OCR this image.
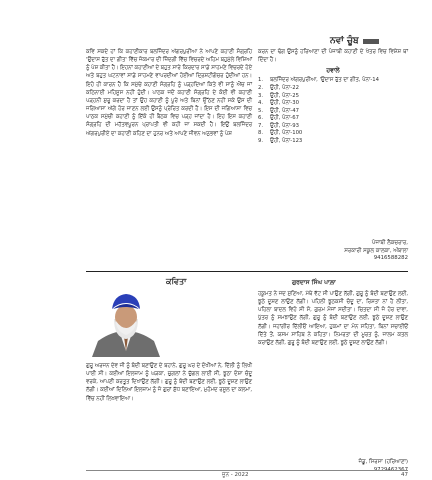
ਨਵਾਂ ਚੂੰਬ

ਕਵਿ ਸਕਦੇ ਹਾਂ ਕਿ ਕਹਾਣੀਕਾਰ ਬਲਜਿੰਦਰ ਅੱਗਰਪੁਰੀਆ ਨੇ ਆਪਣੇ ਕਹਾਣੀ ਸੰਗ੍ਰਹਿ 'ਉਦਾਸ ਰੁੱਤ ਦਾ ਗੀਤ' ਵਿੱਚ ਜੋਕਮਾਰ ਦੀ ਜ਼ਿੰਦਗੀ ਵਿੱਚ ਵਿਚਰਦੇ ਅਹਿਮ ਬਹੁਮੁੱਲੇ ਵਿਸ਼ਿਆਂ ਨੂੰ ਪੇਸ਼ ਕੀਤਾ ਹੈ। ਇਹਨਾਂ ਕਹਾਣੀਆਂ ਦੇ ਬਹੁਤ ਸਾਰੇ ਕਿਰਦਾਰ ਸਾਡੇ ਸਾਹਮਣੇ ਵਿਚਰਦੇ ਹੋਏ ਅਤੇ ਬਹੁਤ ਘਟਨਾਵਾਂ ਸਾਡੇ ਸਾਹਮਣੇ ਵਾਪਰਦੀਆਂ ਹੋਈਆਂ ਦ੍ਰਿਸ਼ਟੀਗੋਚਰ ਹੁੰਦੀਆਂ ਹਨ। ਇਹੋ ਹੀ ਕਾਰਨ ਹੈ ਕਿ ਸਮੁੱਚੇ ਕਹਾਣੀ ਸੰਗ੍ਰਹਿ ਨੂੰ ਪੜ੍ਹਦਿਆਂ ਕਿਤੇ ਵੀ ਸਾਨੂੰ ਐਂਚ ਜਾਂ ਕਠਿਨਾਈ ਮਹਿਸੂਸ ਨਹੀਂ ਹੁੰਦੀ। ਪਾਠਕ ਜਦੋਂ ਕਹਾਣੀ ਸੰਗ੍ਰਹਿ ਦੇ ਕੋਈ ਵੀ ਕਹਾਣੀ ਪੜ੍ਹਨੀ ਸ਼ੁਰੂ ਕਰਦਾ ਹੈ ਤਾਂ ਉਹ ਕਹਾਣੀ ਨੂੰ ਪੂਰੇ ਅਤੇ ਬਿਨਾਂ ਉੱਠਣ ਨਹੀਂ ਸਕੇ ਉਸ ਦੀ ਜਗਿਆਸਾ ਅੱਗੇ ਹੋਰ ਜਾਣਨ ਲਈ ਉਸਨੂੰ ਪ੍ਰੇਰਿਤ ਕਰਦੀ ਹੈ। ਇਸ ਦੀ ਜਗਿਆਸਾ ਵਿਚ ਪਾਠਕ ਸਮੁੱਚੀ ਕਹਾਣੀ ਨੂੰ ਇੱਕੋ ਹੀ ਬੈਠਕ ਵਿਚ ਪੜ੍ਹ ਜਾਂਦਾ ਹੈ। ਇਹ ਇਸ ਕਹਾਣੀ ਸੰਗ੍ਰਹਿ ਦੀ ਮਹੱਤਵਪੂਰਨ ਪ੍ਰਾਪਤੀ ਵੀ ਕਹੀ ਜਾ ਸਕਦੀ ਹੈ। ਇਉਂ ਬਲਜਿੰਦਰ ਅੱਗਰਪੁਰੀਏ ਦਾ ਕਹਾਣੀ ਕਹਿਣ ਦਾ ਹੁਨਰ ਅਤੇ ਆਪਣੇ ਜੀਵਨ ਅਨੁਭਵਾਂ ਨੂੰ ਪੇਸ਼

ਕਰਨ ਦਾ ਢੰਗ ਉਸਨੂੰ ਹਰਿਆਣਾ ਦੀ ਪੰਜਾਬੀ ਕਹਾਣੀ ਦੇ ਖੇਤਰ ਵਿਚ ਵਿਸ਼ੇਸ਼ ਥਾਂ ਦਿੰਦਾ ਹੈ।

ਹਵਾਲੇ
1.	ਬਲਜਿੰਦਰ ਅੱਗਰਪੁਰੀਆ, 'ਉਦਾਸ ਰੁੱਤ ਦਾ ਗੀਤ, ਪੰਨਾ-14
2.	ਉਹੀ, ਪੰਨਾ-22
3.	ਉਹੀ, ਪੰਨਾ-25
4.	ਉਹੀ, ਪੰਨਾ-30
5.	ਉਹੀ, ਪੰਨਾ-47
6.	ਉਹੀ, ਪੰਨਾ-67
7.	ਉਹੀ, ਪੰਨਾ-93
8.	ਉਹੀ, ਪੰਨਾ-100
9.	ਉਹੀ, ਪੰਨਾ-123
ਪੰਜਾਬੀ ਲੈਕਚਰਾਰ,
ਸਰਕਾਰੀ ਸਕੂਲ ਕਾਲਕਾ, ਅੰਬਾਲਾ
9416588282
ਕਵਿਤਾ	ਗੁਰਦਾਸ ਸਿੰਘ ਪਾਲ਼ਾ

ਗੁਰੂ ਅਰਜਨ ਦੇਵ ਜੀ ਨੂੰ ਬੰਦੀ ਬਣਾਉਣ ਦੇ ਬਹਾਨੇ, ਗੁਰੂ ਘਰ ਦੇ ਦੋਖੀਆਂ ਨੇ, ਦਿੱਲੀ ਨੂੰ ਲਿਖੀ ਪਾਈ ਸੀ। ਕਈਆਂ ਇਲਜ਼ਾਮ ਨੂੰ ਘੜਕਾ, ਚੁਗਲਾਂ ਨੇ ਚੁੱਗਲ ਲਾਈ ਸੀ, ਝੂਠਾ ਦੋਸ਼ਾ ਚੰਦੂ ਵਰਕੇ, ਆਪਣੀ ਕਰਤੂਤ ਦਿਖਾਉਣ ਲੱਗੀ। ਗੁਰੂ ਨੂੰ ਬੰਦੀ ਬਣਾਉਣ ਲਈ, ਝੂਠੇ ਦੂਸ਼ਣ ਲਾਉਣ ਲੱਗੀ। ਕਈਆਂ ਦਿਲਿਆਂ ਇਲਜ਼ਾਮ ਨੂੰ ਜੋ ਗੁਰਾਂ ਸ਼ੁੱਧ ਬਣਾਇਆ, ਮੁਹੰਮਦ ਰਸੂਲ ਦਾ ਕਲਮਾ, ਵਿੱਚ ਨਹੀਂ ਲਿਖਵਾਇਆ।

ਹਕੂਮਤ ਨੇ ਜਦ ਸੁਣਿਆ, ਮੱਥੇ ਵੱਟ ਸੀ ਪਾਉਣ ਲੱਗੀ, ਗੁਰੂ ਨੂੰ ਬੰਦੀ ਬਣਾਉਣ ਲਈ, ਝੂਠੇ ਦੂਸ਼ਣ ਲਾਉਣ ਲੱਗੀ। ਪਹਿਲੀ ਝੂਠਕਸੀ ਚੰਦੂ ਦਾ, ਰਿਸ਼ਤਾ ਨਾਂ ਹੈ ਲੀਤਾ, ਪਹਿਲਾ ਬਾਦਲ ਵਿਹੋ ਸੀ ਸੋ, ਗੁਰਮ ਮੌਜਾਂ ਸਦੀਤਾ। ਚਿਤਦਾ ਸੀ ਜੋ ਹੋਰ ਦਾਵਾ, ਪੁੱਤਰ ਨੂੰ ਸਮਝਾਉਣ ਲੱਗੀ, ਗੁਰੂ ਨੂੰ ਬੰਦੀ ਬਣਾਉਣ ਲਈ, ਝੂਠੇ ਦੂਸ਼ਣ ਲਾਉਣ ਲੱਗੀ। ਜਹਾਂਗੀਰ ਦਿੱਲੀਓਂ ਆਇਆ, ਹੁਕਮਾਂ ਦਾ ਮੰਨ ਸਹਿਤਾ, ਬਿਨਾਂ ਸਚਾਈਓਂ ਦਿੱਤੇ ਤੋਂ, ਯਸਮ ਸਾਹਿਬ ਨੇ ਕਹਿਤਾ। ਨਿਮਰਤਾ ਦੀ ਮੂਰਤ ਨੂੰ, ਜਾਲਮ ਕਤਲ ਕਰਾਉਣ ਲੱਗੀ, ਗੁਰੂ ਨੂੰ ਬੰਦੀ ਬਣਾਉਣ ਲਈ, ਝੂਠੇ ਦੂਸ਼ਣ ਲਾਉਣ ਲੱਗੀ।

ਜੰਡੂ, ਸਿਰਸਾ (ਹਰਿਆਣਾ)
ਜੂਨ - 2022	47
